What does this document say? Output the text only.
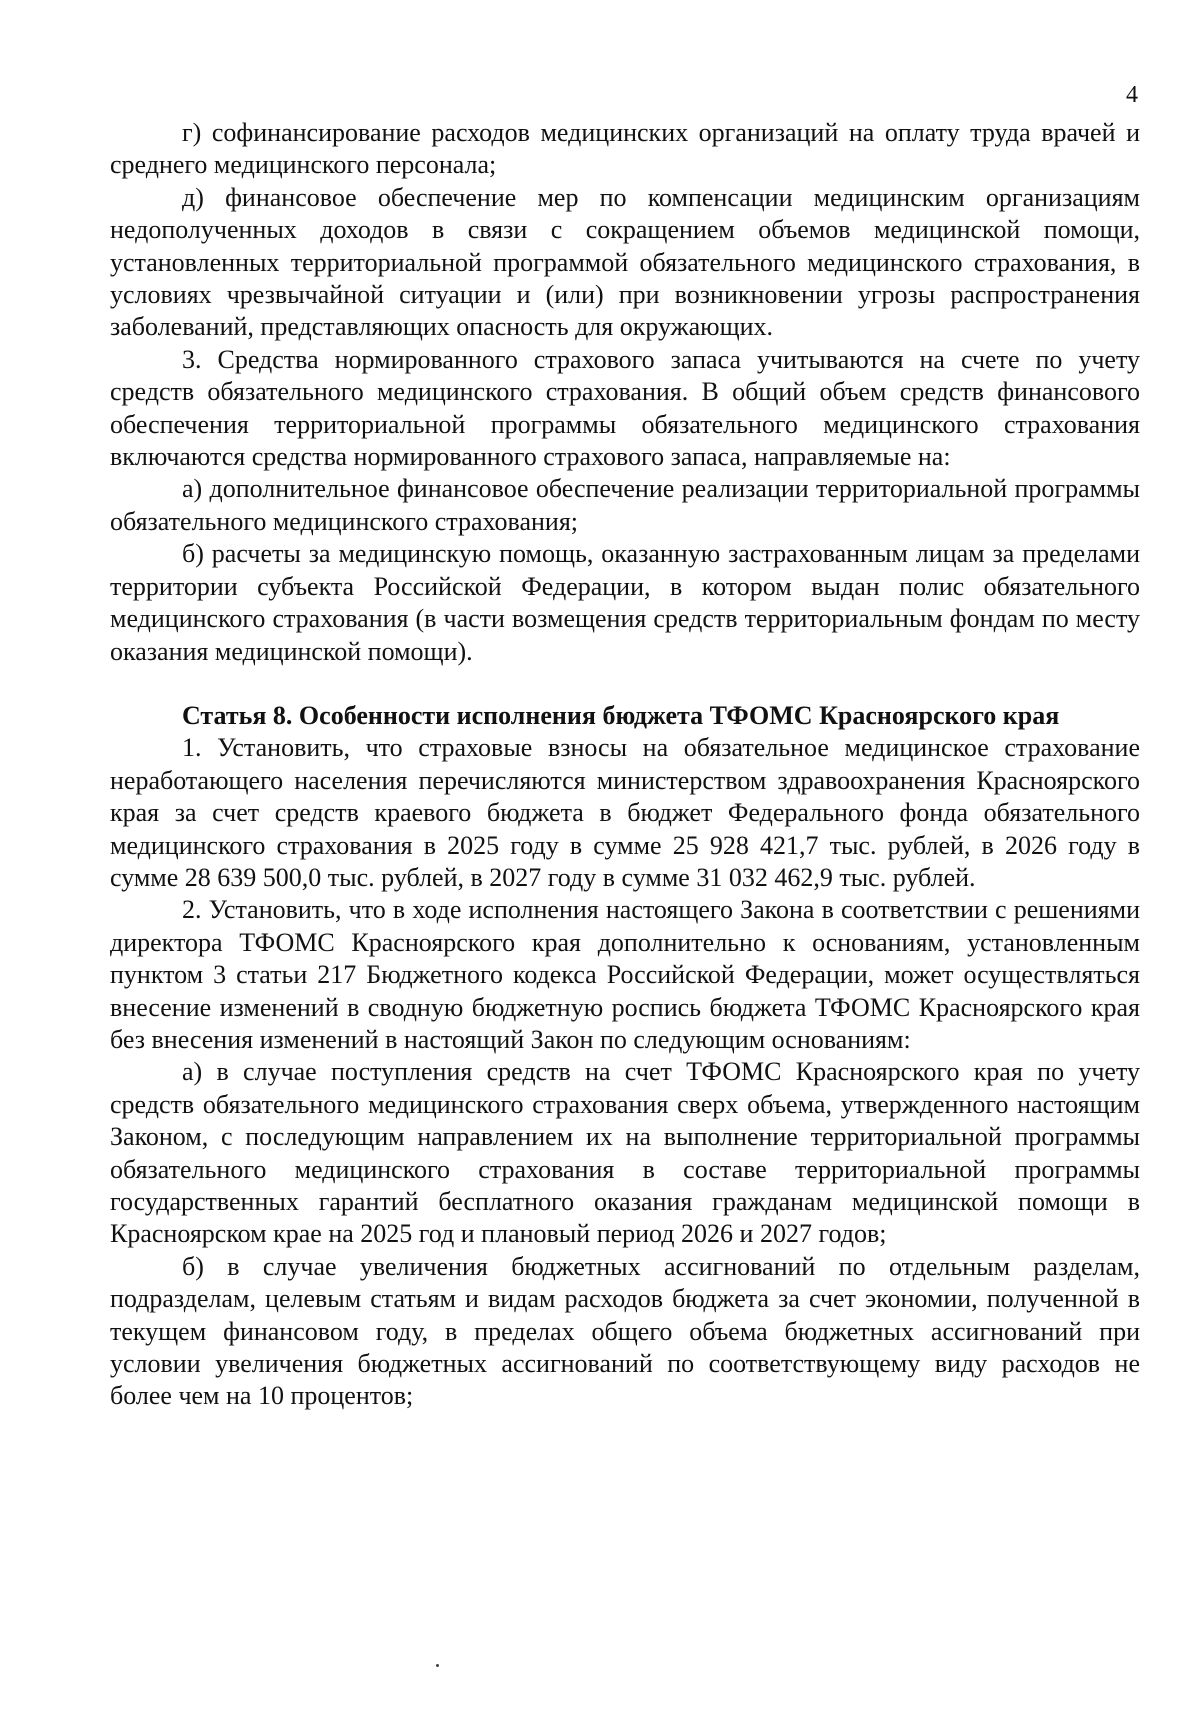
4

г) софинансирование расходов медицинских организаций на оплату труда врачей и среднего медицинского персонала;

д) финансовое обеспечение мер по компенсации медицинским организациям недополученных доходов в связи с сокращением объемов медицинской помощи, установленных территориальной программой обязательного медицинского страхования, в условиях чрезвычайной ситуации и (или) при возникновении угрозы распространения заболеваний, представляющих опасность для окружающих.

3. Средства нормированного страхового запаса учитываются на счете по учету средств обязательного медицинского страхования. В общий объем средств финансового обеспечения территориальной программы обязательного медицинского страхования включаются средства нормированного страхового запаса, направляемые на:

а) дополнительное финансовое обеспечение реализации территориальной программы обязательного медицинского страхования;

б) расчеты за медицинскую помощь, оказанную застрахованным лицам за пределами территории субъекта Российской Федерации, в котором выдан полис обязательного медицинского страхования (в части возмещения средств территориальным фондам по месту оказания медицинской помощи).

Статья 8. Особенности исполнения бюджета ТФОМС Красноярского края

1. Установить, что страховые взносы на обязательное медицинское страхование неработающего населения перечисляются министерством здравоохранения Красноярского края за счет средств краевого бюджета в бюджет Федерального фонда обязательного медицинского страхования в 2025 году в сумме 25 928 421,7 тыс. рублей, в 2026 году в сумме 28 639 500,0 тыс. рублей, в 2027 году в сумме 31 032 462,9 тыс. рублей.

2. Установить, что в ходе исполнения настоящего Закона в соответствии с решениями директора ТФОМС Красноярского края дополнительно к основаниям, установленным пунктом 3 статьи 217 Бюджетного кодекса Российской Федерации, может осуществляться внесение изменений в сводную бюджетную роспись бюджета ТФОМС Красноярского края без внесения изменений в настоящий Закон по следующим основаниям:

а) в случае поступления средств на счет ТФОМС Красноярского края по учету средств обязательного медицинского страхования сверх объема, утвержденного настоящим Законом, с последующим направлением их на выполнение территориальной программы обязательного медицинского страхования в составе территориальной программы государственных гарантий бесплатного оказания гражданам медицинской помощи в Красноярском крае на 2025 год и плановый период 2026 и 2027 годов;

б) в случае увеличения бюджетных ассигнований по отдельным разделам, подразделам, целевым статьям и видам расходов бюджета за счет экономии, полученной в текущем финансовом году, в пределах общего объема бюджетных ассигнований при условии увеличения бюджетных ассигнований по соответствующему виду расходов не более чем на 10 процентов;
